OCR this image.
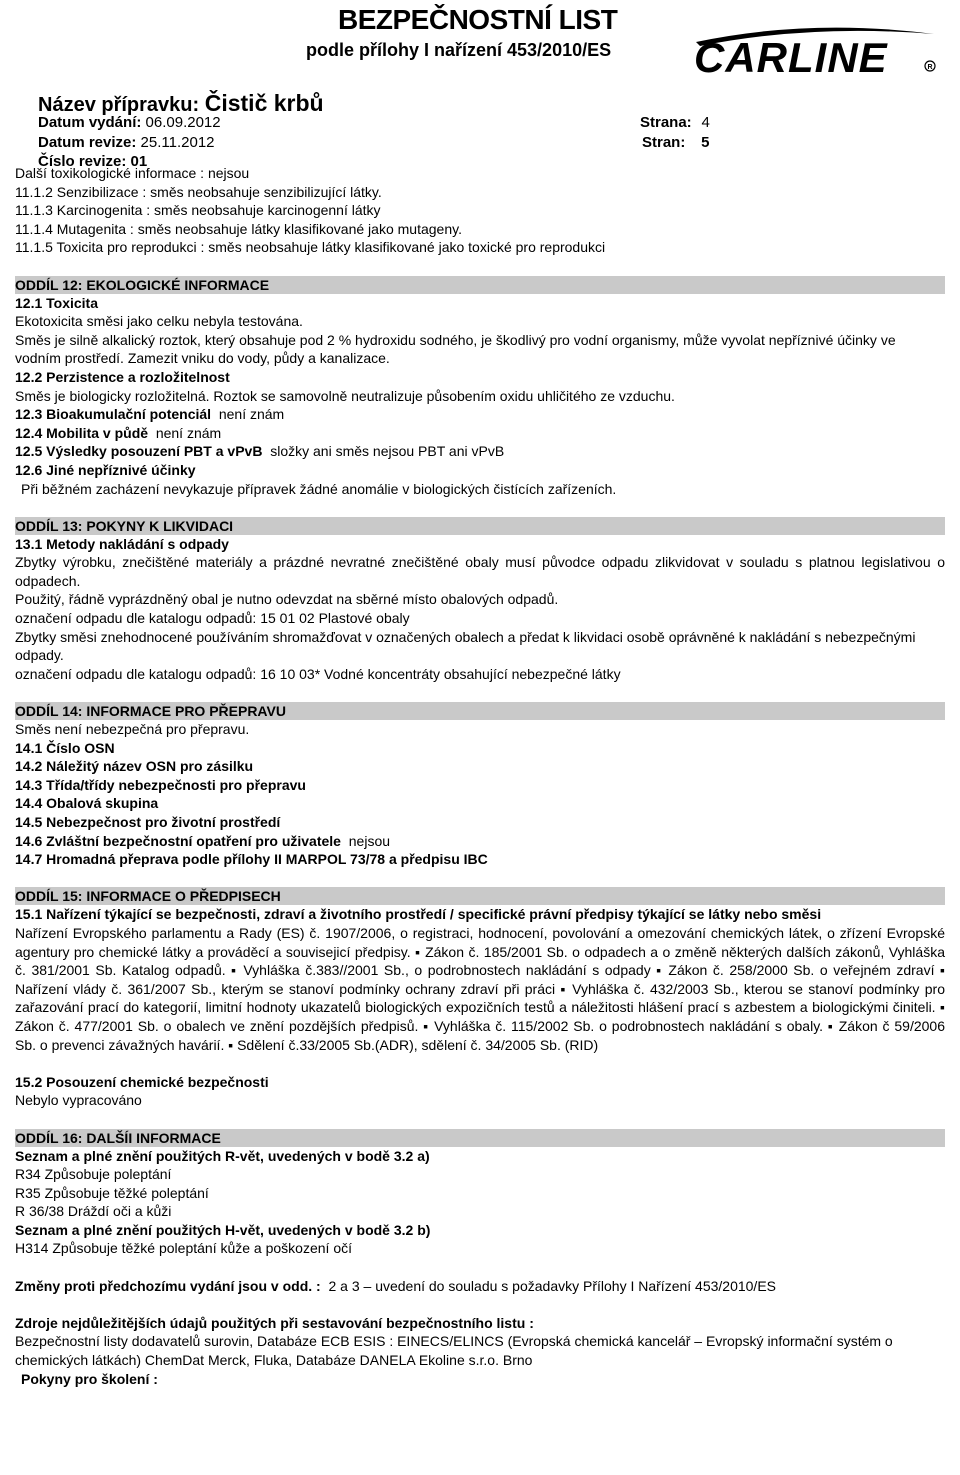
BEZPEČNOSTNÍ LIST
podle přílohy I nařízení 453/2010/ES CARLINE	R
Název přípravku: Čistič krbů
Datum vydání: 06.09.2012
Datum revize: 25.11.2012
Číslo revize: 01
Strana: 4
Stran: 5

Další toxikologické informace : nejsou

11.1.2 Senzibilizace : směs neobsahuje senzibilizující látky.

11.1.3 Karcinogenita : směs neobsahuje karcinogenní látky

11.1.4 Mutagenita : směs neobsahuje látky klasifikované jako mutageny.

11.1.5 Toxicita pro reprodukci : směs neobsahuje látky klasifikované jako toxické pro reprodukci

ODDÍL 12: EKOLOGICKÉ INFORMACE

12.1 Toxicita

Ekotoxicita směsi jako celku nebyla testována.

Směs je silně alkalický roztok, který obsahuje pod 2 % hydroxidu sodného, je škodlivý pro vodní organismy, může vyvolat nepříznivé účinky ve vodním prostředí. Zamezit vniku do vody, půdy a kanalizace.

12.2 Perzistence a rozložitelnost

Směs je biologicky rozložitelná. Roztok se samovolně neutralizuje působením oxidu uhličitého ze vzduchu.

12.3 Bioakumulační potenciál není znám

12.4 Mobilita v půdě není znám

12.5 Výsledky posouzení PBT a vPvB složky ani směs nejsou PBT ani vPvB

12.6 Jiné nepříznivé účinky

Při běžném zacházení nevykazuje přípravek žádné anomálie v biologických čistících zařízeních.

ODDÍL 13: POKYNY K LIKVIDACI

13.1 Metody nakládání s odpady

Zbytky výrobku, znečištěné materiály a prázdné nevratné znečištěné obaly musí původce odpadu zlikvidovat v souladu s platnou legislativou o odpadech.

Použitý, řádně vyprázdněný obal je nutno odevzdat na sběrné místo obalových odpadů.

označení odpadu dle katalogu odpadů: 15 01 02 Plastové obaly

Zbytky směsi znehodnocené používáním shromažďovat v označených obalech a předat k likvidaci osobě oprávněné k nakládání s nebezpečnými odpady.

označení odpadu dle katalogu odpadů: 16 10 03* Vodné koncentráty obsahující nebezpečné látky

ODDÍL 14: INFORMACE PRO PŘEPRAVU

Směs není nebezpečná pro přepravu.

14.1 Číslo OSN

14.2 Náležitý název OSN pro zásilku

14.3 Třída/třídy nebezpečnosti pro přepravu

14.4 Obalová skupina

14.5 Nebezpečnost pro životní prostředí

14.6 Zvláštní bezpečnostní opatření pro uživatele nejsou

14.7 Hromadná přeprava podle přílohy II MARPOL 73/78 a předpisu IBC

ODDÍL 15: INFORMACE O PŘEDPISECH

15.1 Nařízení týkající se bezpečnosti, zdraví a životního prostředí / specifické právní předpisy týkající se látky nebo směsi

Nařízení Evropského parlamentu a Rady (ES) č. 1907/2006, o registraci, hodnocení, povolování a omezování chemických látek, o zřízení Evropské agentury pro chemické látky a prováděcí a souvisejicí předpisy. ▪ Zákon č. 185/2001 Sb. o odpadech a o změně některých dalších zákonů, Vyhláška č. 381/2001 Sb. Katalog odpadů. ▪ Vyhláška č.383//2001 Sb., o podrobnostech nakládání s odpady ▪ Zákon č. 258/2000 Sb. o veřejném zdraví ▪ Nařízení vlády č. 361/2007 Sb., kterým se stanoví podmínky ochrany zdraví při práci ▪ Vyhláška č. 432/2003 Sb., kterou se stanoví podmínky pro zařazování prací do kategorií, limitní hodnoty ukazatelů biologických expozičních testů a náležitosti hlášení prací s azbestem a biologickými činiteli. ▪ Zákon č. 477/2001 Sb. o obalech ve znění pozdějších předpisů. ▪ Vyhláška č. 115/2002 Sb. o podrobnostech nakládání s obaly. ▪ Zákon č 59/2006 Sb. o prevenci závažných havárií. ▪ Sdělení č.33/2005 Sb.(ADR), sdělení č. 34/2005 Sb. (RID)

15.2 Posouzení chemické bezpečnosti

Nebylo vypracováno

ODDÍL 16: DALŠÍI INFORMACE

Seznam a plné znění použitých R-vět, uvedených v bodě 3.2 a)

R34 Způsobuje poleptání

R35 Způsobuje těžké poleptání

R 36/38 Dráždí oči a kůži

Seznam a plné znění použitých H-vět, uvedených v bodě 3.2 b)

H314 Způsobuje těžké poleptání kůže a poškození očí

Změny proti předchozímu vydání jsou v odd. : 2 a 3 – uvedení do souladu s požadavky Přílohy I Nařízení 453/2010/ES

Zdroje nejdůležitějších údajů použitých při sestavování bezpečnostního listu :

Bezpečnostní listy dodavatelů surovin, Databáze ECB ESIS : EINECS/ELINCS (Evropská chemická kancelář – Evropský informační systém o chemických látkách) ChemDat Merck, Fluka, Databáze DANELA Ekoline s.r.o. Brno

Pokyny pro školení :
